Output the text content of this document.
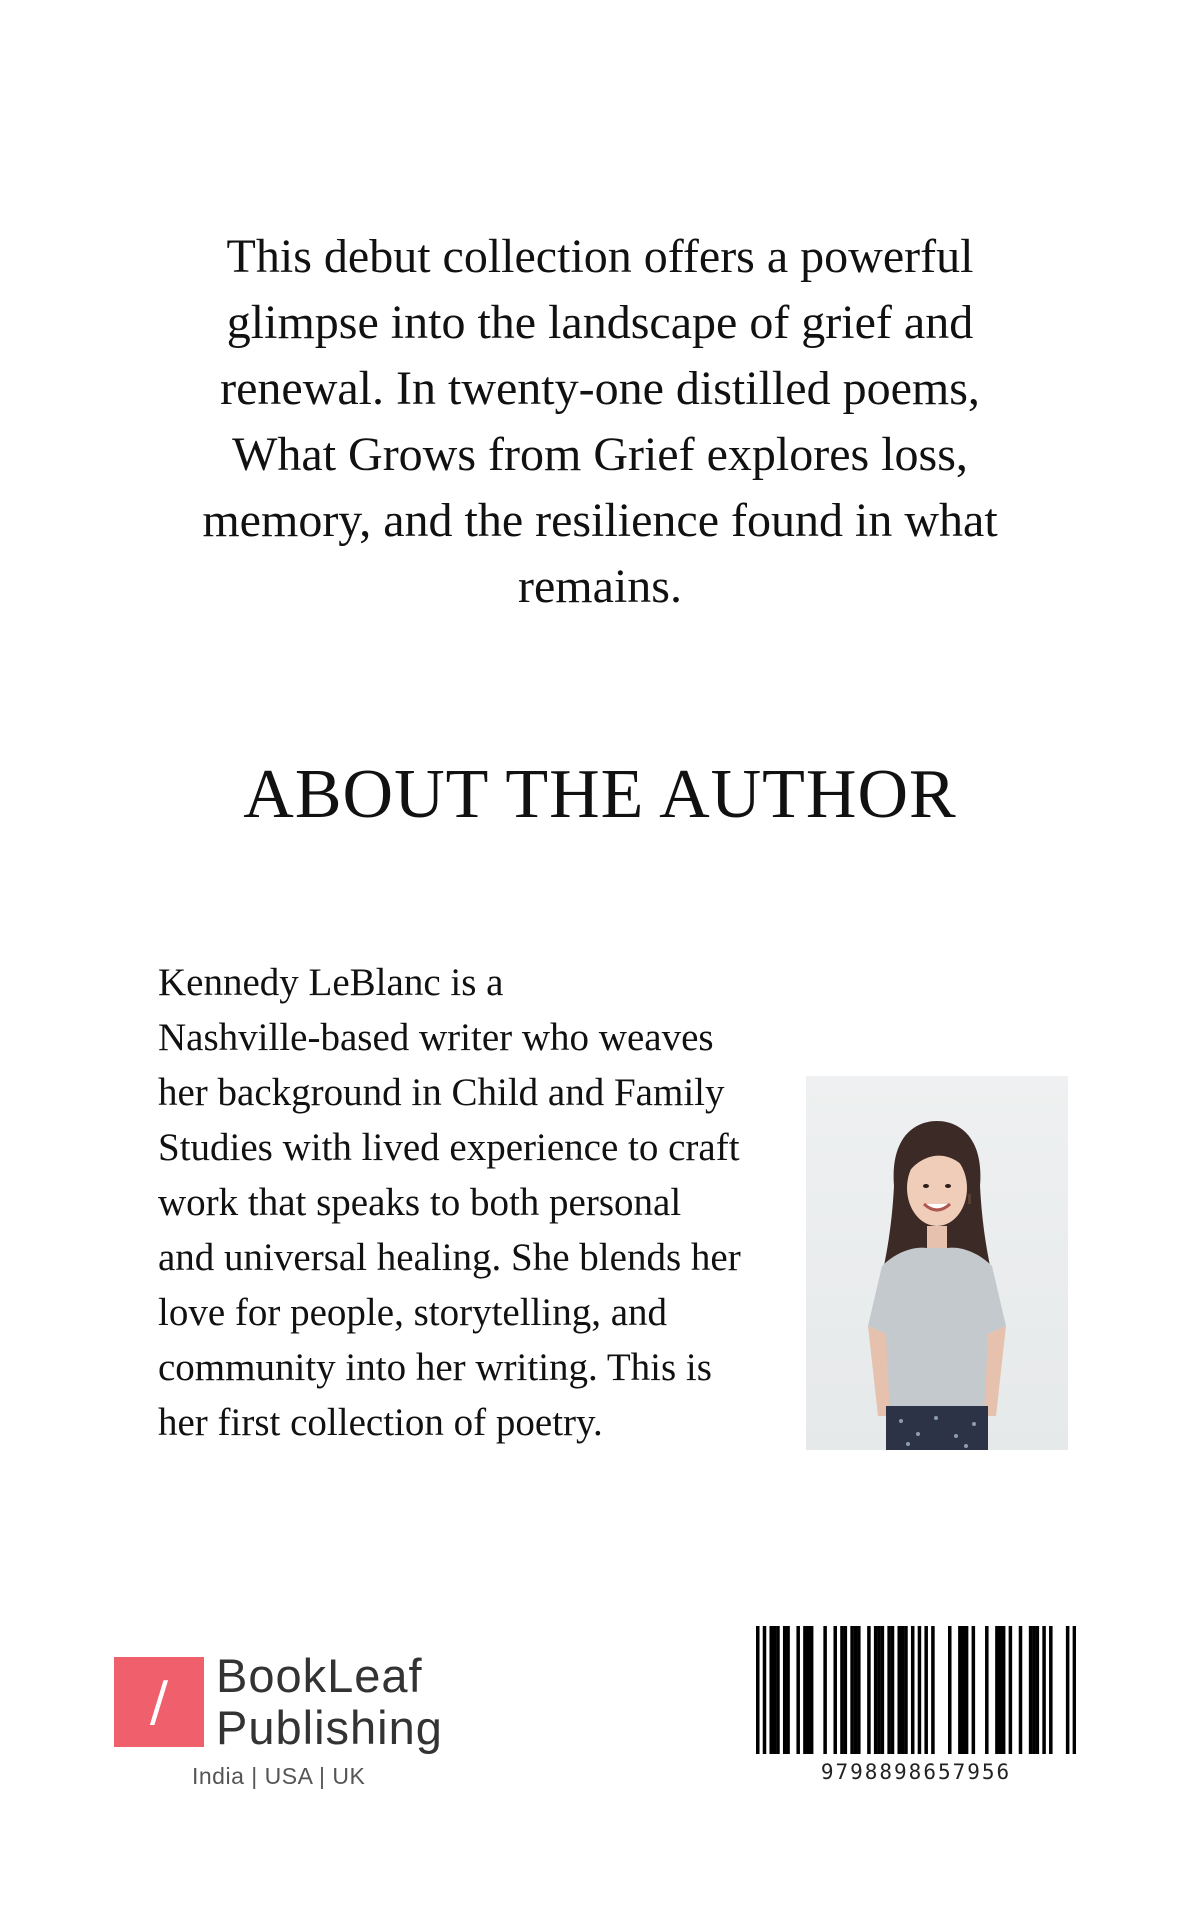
This debut collection offers a powerful
glimpse into the landscape of grief and
renewal. In twenty-one distilled poems,
What Grows from Grief explores loss,
memory, and the resilience found in what
remains.

ABOUT THE AUTHOR

Kennedy LeBlanc is a
Nashville-based writer who weaves
her background in Child and Family
Studies with lived experience to craft
work that speaks to both personal
and universal healing. She blends her
love for people, storytelling, and
community into her writing. This is
her first collection of poetry.

/	BookLeaf
Publishing
India | USA | UK	9798898657956
